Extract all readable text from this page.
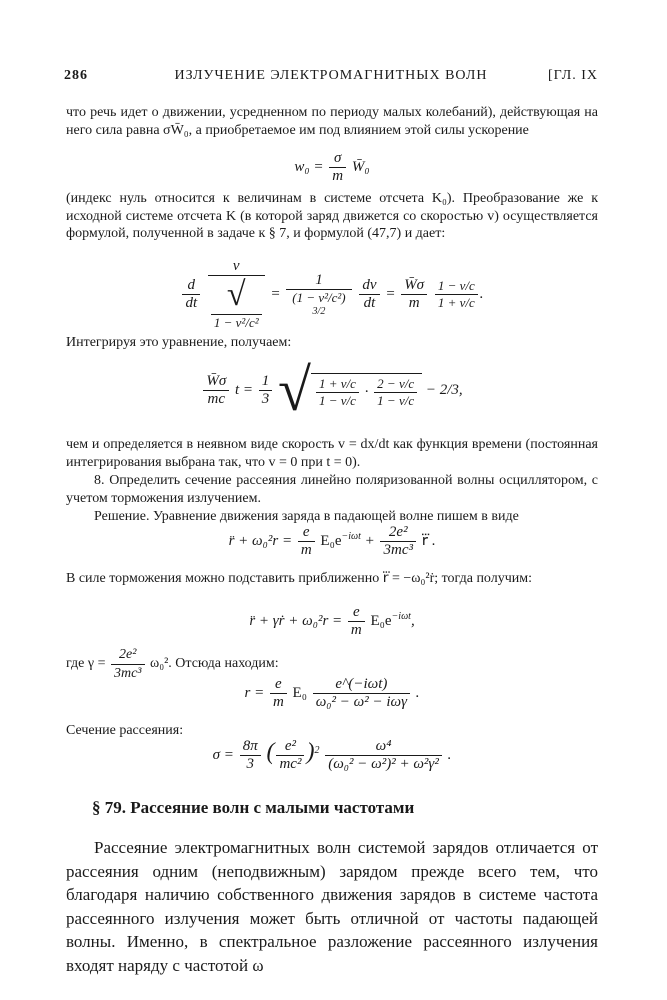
286	ИЗЛУЧЕНИЕ ЭЛЕКТРОМАГНИТНЫХ ВОЛН	[ГЛ. IX
что речь идет о движении, усредненном по периоду малых колебаний), действующая на него сила равна σW̄₀, а приобретаемое им под влиянием этой силы ускорение
$w_0 = \frac{\sigma}{m}$ W̄₀
(индекс нуль относится к величинам в системе отсчета K₀). Преобразование же к исходной системе отсчета K (в которой заряд движется со скоростью v) осуществляется формулой, полученной в задаче к § 7, и формулой (47,7) и дает:
$\frac{d}{dt}$
v
√
1 − v²/c² = 1
(1 − v²/c²)
3/2
$\frac{dv}{dt} = \frac{W̄\sigma}{m}$
$\frac{1 - v/c}{1 + v/c}$ .
Интегрируя это уравнение, получаем:
$\frac{W̄\sigma}{mc}$ $t = \frac{1}{3}$ √ $\frac{1 + v/c}{1 - v/c} \cdot \frac{2 - v/c}{1 - v/c} - 2/3$,
чем и определяется в неявном виде скорость v = dx/dt как функция времени (постоянная интегрирования выбрана так, что v = 0 при t = 0).
8. Определить сечение рассеяния линейно поляризованной волны осциллятором, с учетом торможения излучением.
Решение. Уравнение движения заряда в падающей волне пишем в виде
r̈ + $\omega_0^2r = \frac{e}{m} E_0e^{-i\omega t} + \frac{\text{2e²}}{\text{3mc³}}$ r⃛ .
В силе торможения можно подставить приближенно r⃛ = −ω₀²ṙ; тогда получим:
r̈ + γṙ + $\omega_0^2r = \frac{e}{m} E_0e^{-i\omega t}$,
где $\gamma = \frac{\text{2e²}}{\text{3mc³}} \omega_0^2$. Отсюда находим:
$r = \frac{e}{m} E_0 \frac{\text{e\textasciicircum{}(−iωt)}}{\text{ω₀² − ω² − iωγ}}$ .
Сечение рассеяния:
$\sigma = \frac{8\pi}{3}$ ( $\frac{\text{e²}}{\text{mc²}} )^2 \frac{\text{ω⁴}}{\text{(ω₀² − ω²)² + ω²γ²}}$ .
§ 79. Рассеяние волн с малыми частотами
Рассеяние электромагнитных волн системой зарядов отличается от рассеяния одним (неподвижным) зарядом прежде всего тем, что благодаря наличию собственного движения зарядов в системе частота рассеянного излучения может быть отличной от частоты падающей волны. Именно, в спектральное разложение рассеянного излучения входят наряду с частотой ω
